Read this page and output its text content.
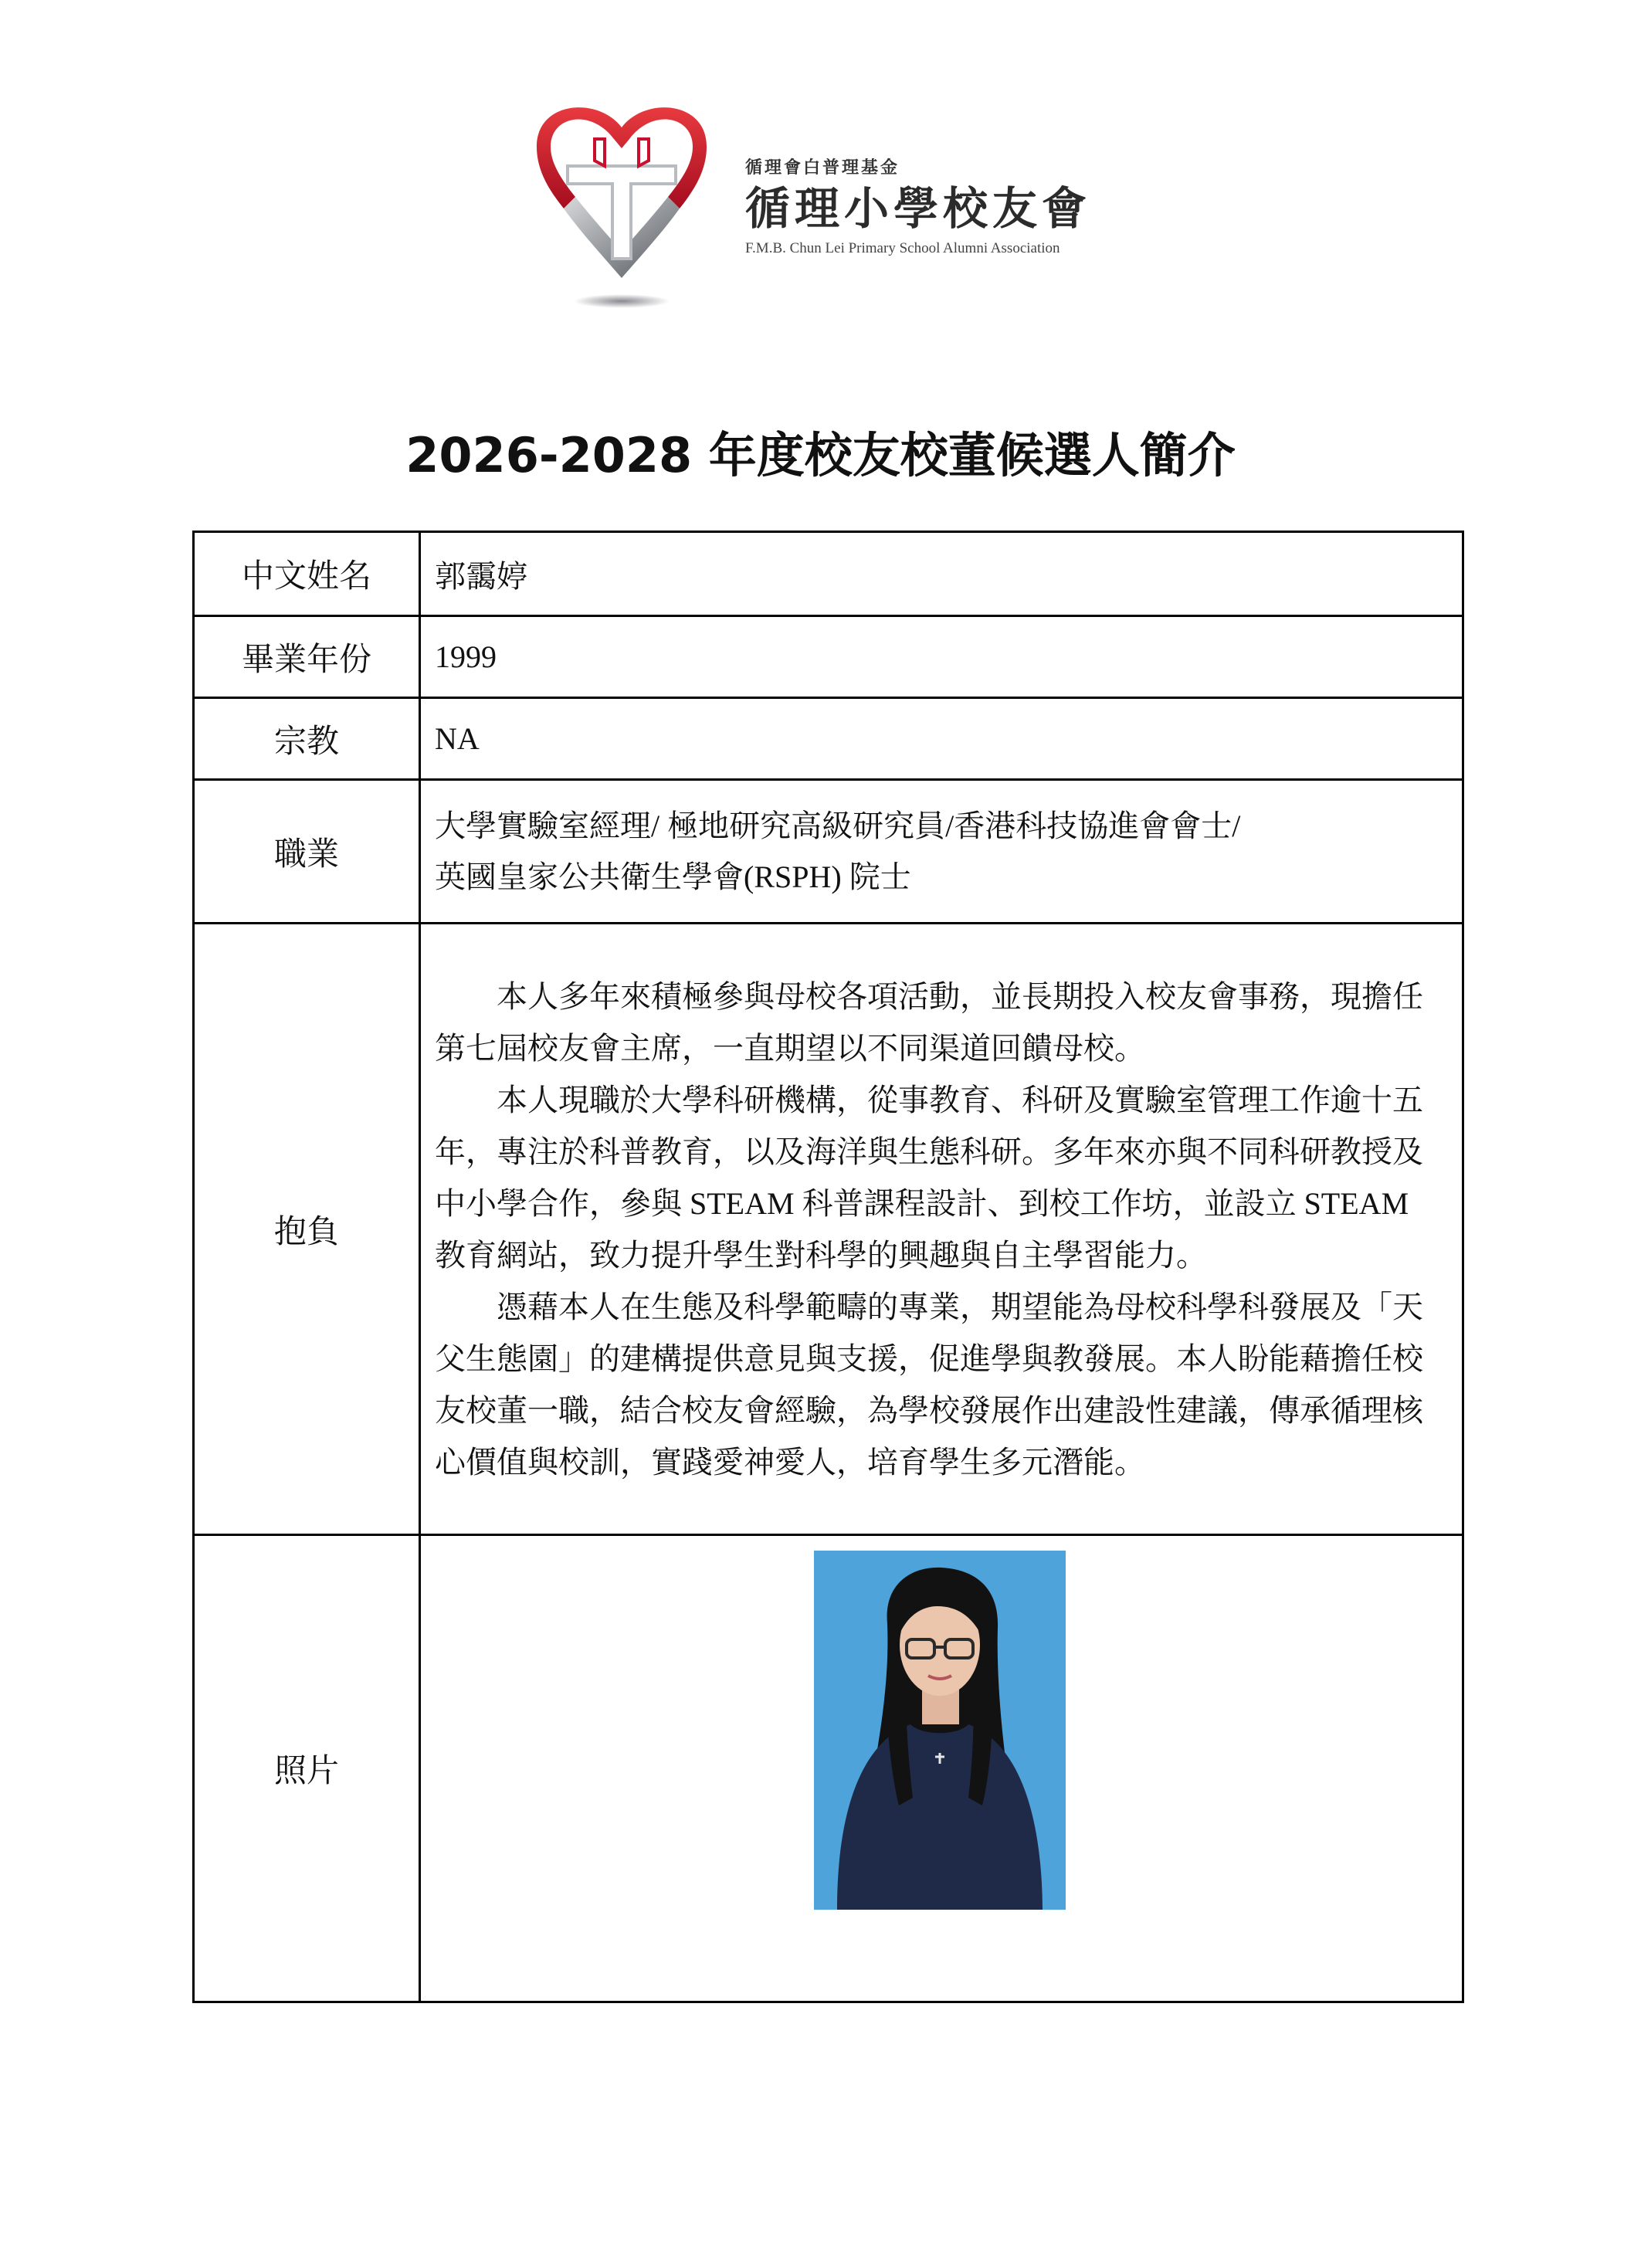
循理會白普理基金
循理小學校友會
F.M.B. Chun Lei Primary School Alumni Association
2026-2028 年度校友校董候選人簡介
中文姓名	郭靄婷
畢業年份	1999
宗教	NA
職業	大學實驗室經理/ 極地研究高級研究員/香港科技協進會會士/
英國皇家公共衛生學會(RSPH) 院士

抱負	本人多年來積極參與母校各項活動，並長期投入校友會事務，現擔任第七屆校友會主席，一直期望以不同渠道回饋母校。

本人現職於大學科研機構，從事教育、科研及實驗室管理工作逾十五年，專注於科普教育，以及海洋與生態科研。多年來亦與不同科研教授及中小學合作，參與 STEAM 科普課程設計、到校工作坊，並設立 STEAM 教育網站，致力提升學生對科學的興趣與自主學習能力。

憑藉本人在生態及科學範疇的專業，期望能為母校科學科發展及「天父生態園」的建構提供意見與支援，促進學與教發展。本人盼能藉擔任校友校董一職，結合校友會經驗，為學校發展作出建設性建議，傳承循理核心價值與校訓，實踐愛神愛人，培育學生多元潛能。

照片	
